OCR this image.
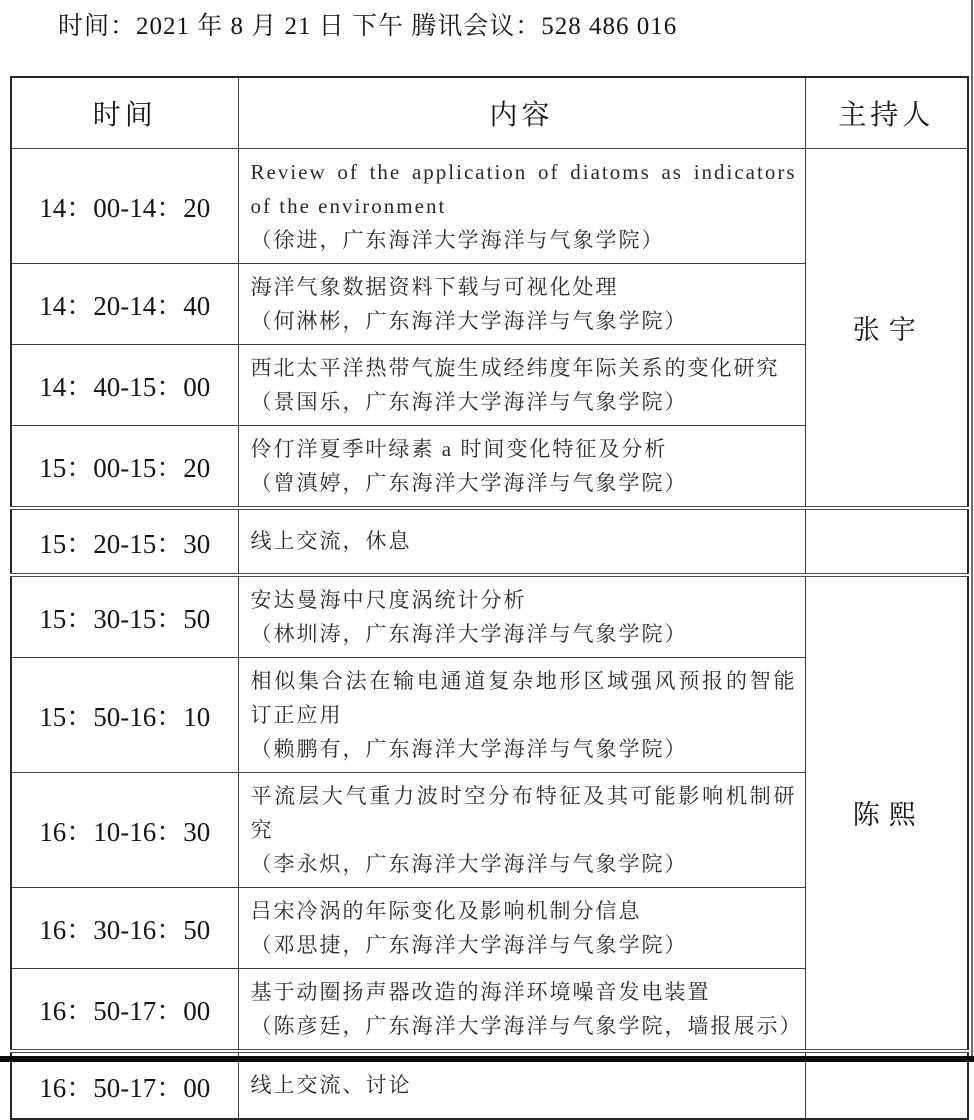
时间：2021 年 8 月 21 日 下午 腾讯会议：528 486 016
时间	内容	主持人
14：00-14：20	Review of the application of diatoms as indicators of the environment
（徐进，广东海洋大学海洋与气象学院）	张宇
14：20-14：40	海洋气象数据资料下载与可视化处理
（何淋彬，广东海洋大学海洋与气象学院）	

14：40-15：00	西北太平洋热带气旋生成经纬度年际关系的变化研究
（景国乐，广东海洋大学海洋与气象学院）	

15：00-15：20	伶仃洋夏季叶绿素 a 时间变化特征及分析
（曾滇婷，广东海洋大学海洋与气象学院）	

15：20-15：30	线上交流，休息	

15：30-15：50	安达曼海中尺度涡统计分析
（林圳涛，广东海洋大学海洋与气象学院）	陈熙
15：50-16：10	相似集合法在输电通道复杂地形区域强风预报的智能订正应用
（赖鹏有，广东海洋大学海洋与气象学院）	

16：10-16：30	平流层大气重力波时空分布特征及其可能影响机制研究
（李永炽，广东海洋大学海洋与气象学院）	

16：30-16：50	吕宋冷涡的年际变化及影响机制分信息
（邓思捷，广东海洋大学海洋与气象学院）	

16：50-17：00	基于动圈扬声器改造的海洋环境噪音发电装置
（陈彦廷，广东海洋大学海洋与气象学院，墙报展示）	

16：50-17：00	线上交流、讨论	
